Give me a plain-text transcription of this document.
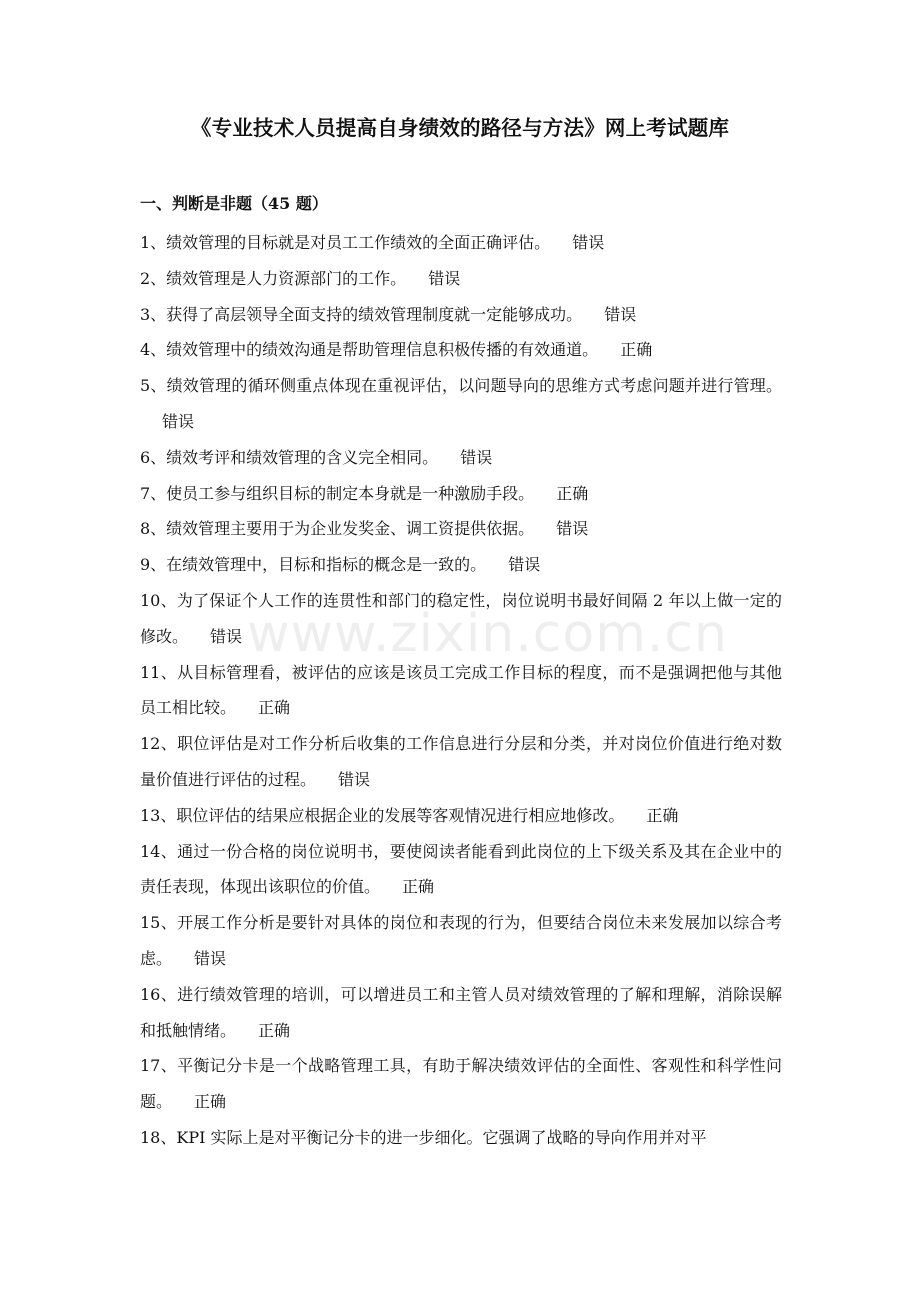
《专业技术人员提高自身绩效的路径与方法》网上考试题库
一、判断是非题（45 题）

1、绩效管理的目标就是对员工工作绩效的全面正确评估。 错误

2、绩效管理是人力资源部门的工作。 错误

3、获得了高层领导全面支持的绩效管理制度就一定能够成功。 错误

4、绩效管理中的绩效沟通是帮助管理信息积极传播的有效通道。 正确

5、绩效管理的循环侧重点体现在重视评估，以问题导向的思维方式考虑问题并进行管理。错误

6、绩效考评和绩效管理的含义完全相同。 错误

7、使员工参与组织目标的制定本身就是一种激励手段。 正确

8、绩效管理主要用于为企业发奖金、调工资提供依据。 错误

9、在绩效管理中，目标和指标的概念是一致的。 错误

10、为了保证个人工作的连贯性和部门的稳定性，岗位说明书最好间隔 2 年以上做一定的修改。 错误

11、从目标管理看，被评估的应该是该员工完成工作目标的程度，而不是强调把他与其他员工相比较。 正确

12、职位评估是对工作分析后收集的工作信息进行分层和分类，并对岗位价值进行绝对数量价值进行评估的过程。 错误

13、职位评估的结果应根据企业的发展等客观情况进行相应地修改。 正确

14、通过一份合格的岗位说明书，要使阅读者能看到此岗位的上下级关系及其在企业中的责任表现，体现出该职位的价值。 正确

15、开展工作分析是要针对具体的岗位和表现的行为，但要结合岗位未来发展加以综合考虑。 错误

16、进行绩效管理的培训，可以增进员工和主管人员对绩效管理的了解和理解，消除误解和抵触情绪。 正确

17、平衡记分卡是一个战略管理工具，有助于解决绩效评估的全面性、客观性和科学性问题。 正确

18、KPI 实际上是对平衡记分卡的进一步细化。它强调了战略的导向作用并对平

www.zixin.com.cn
